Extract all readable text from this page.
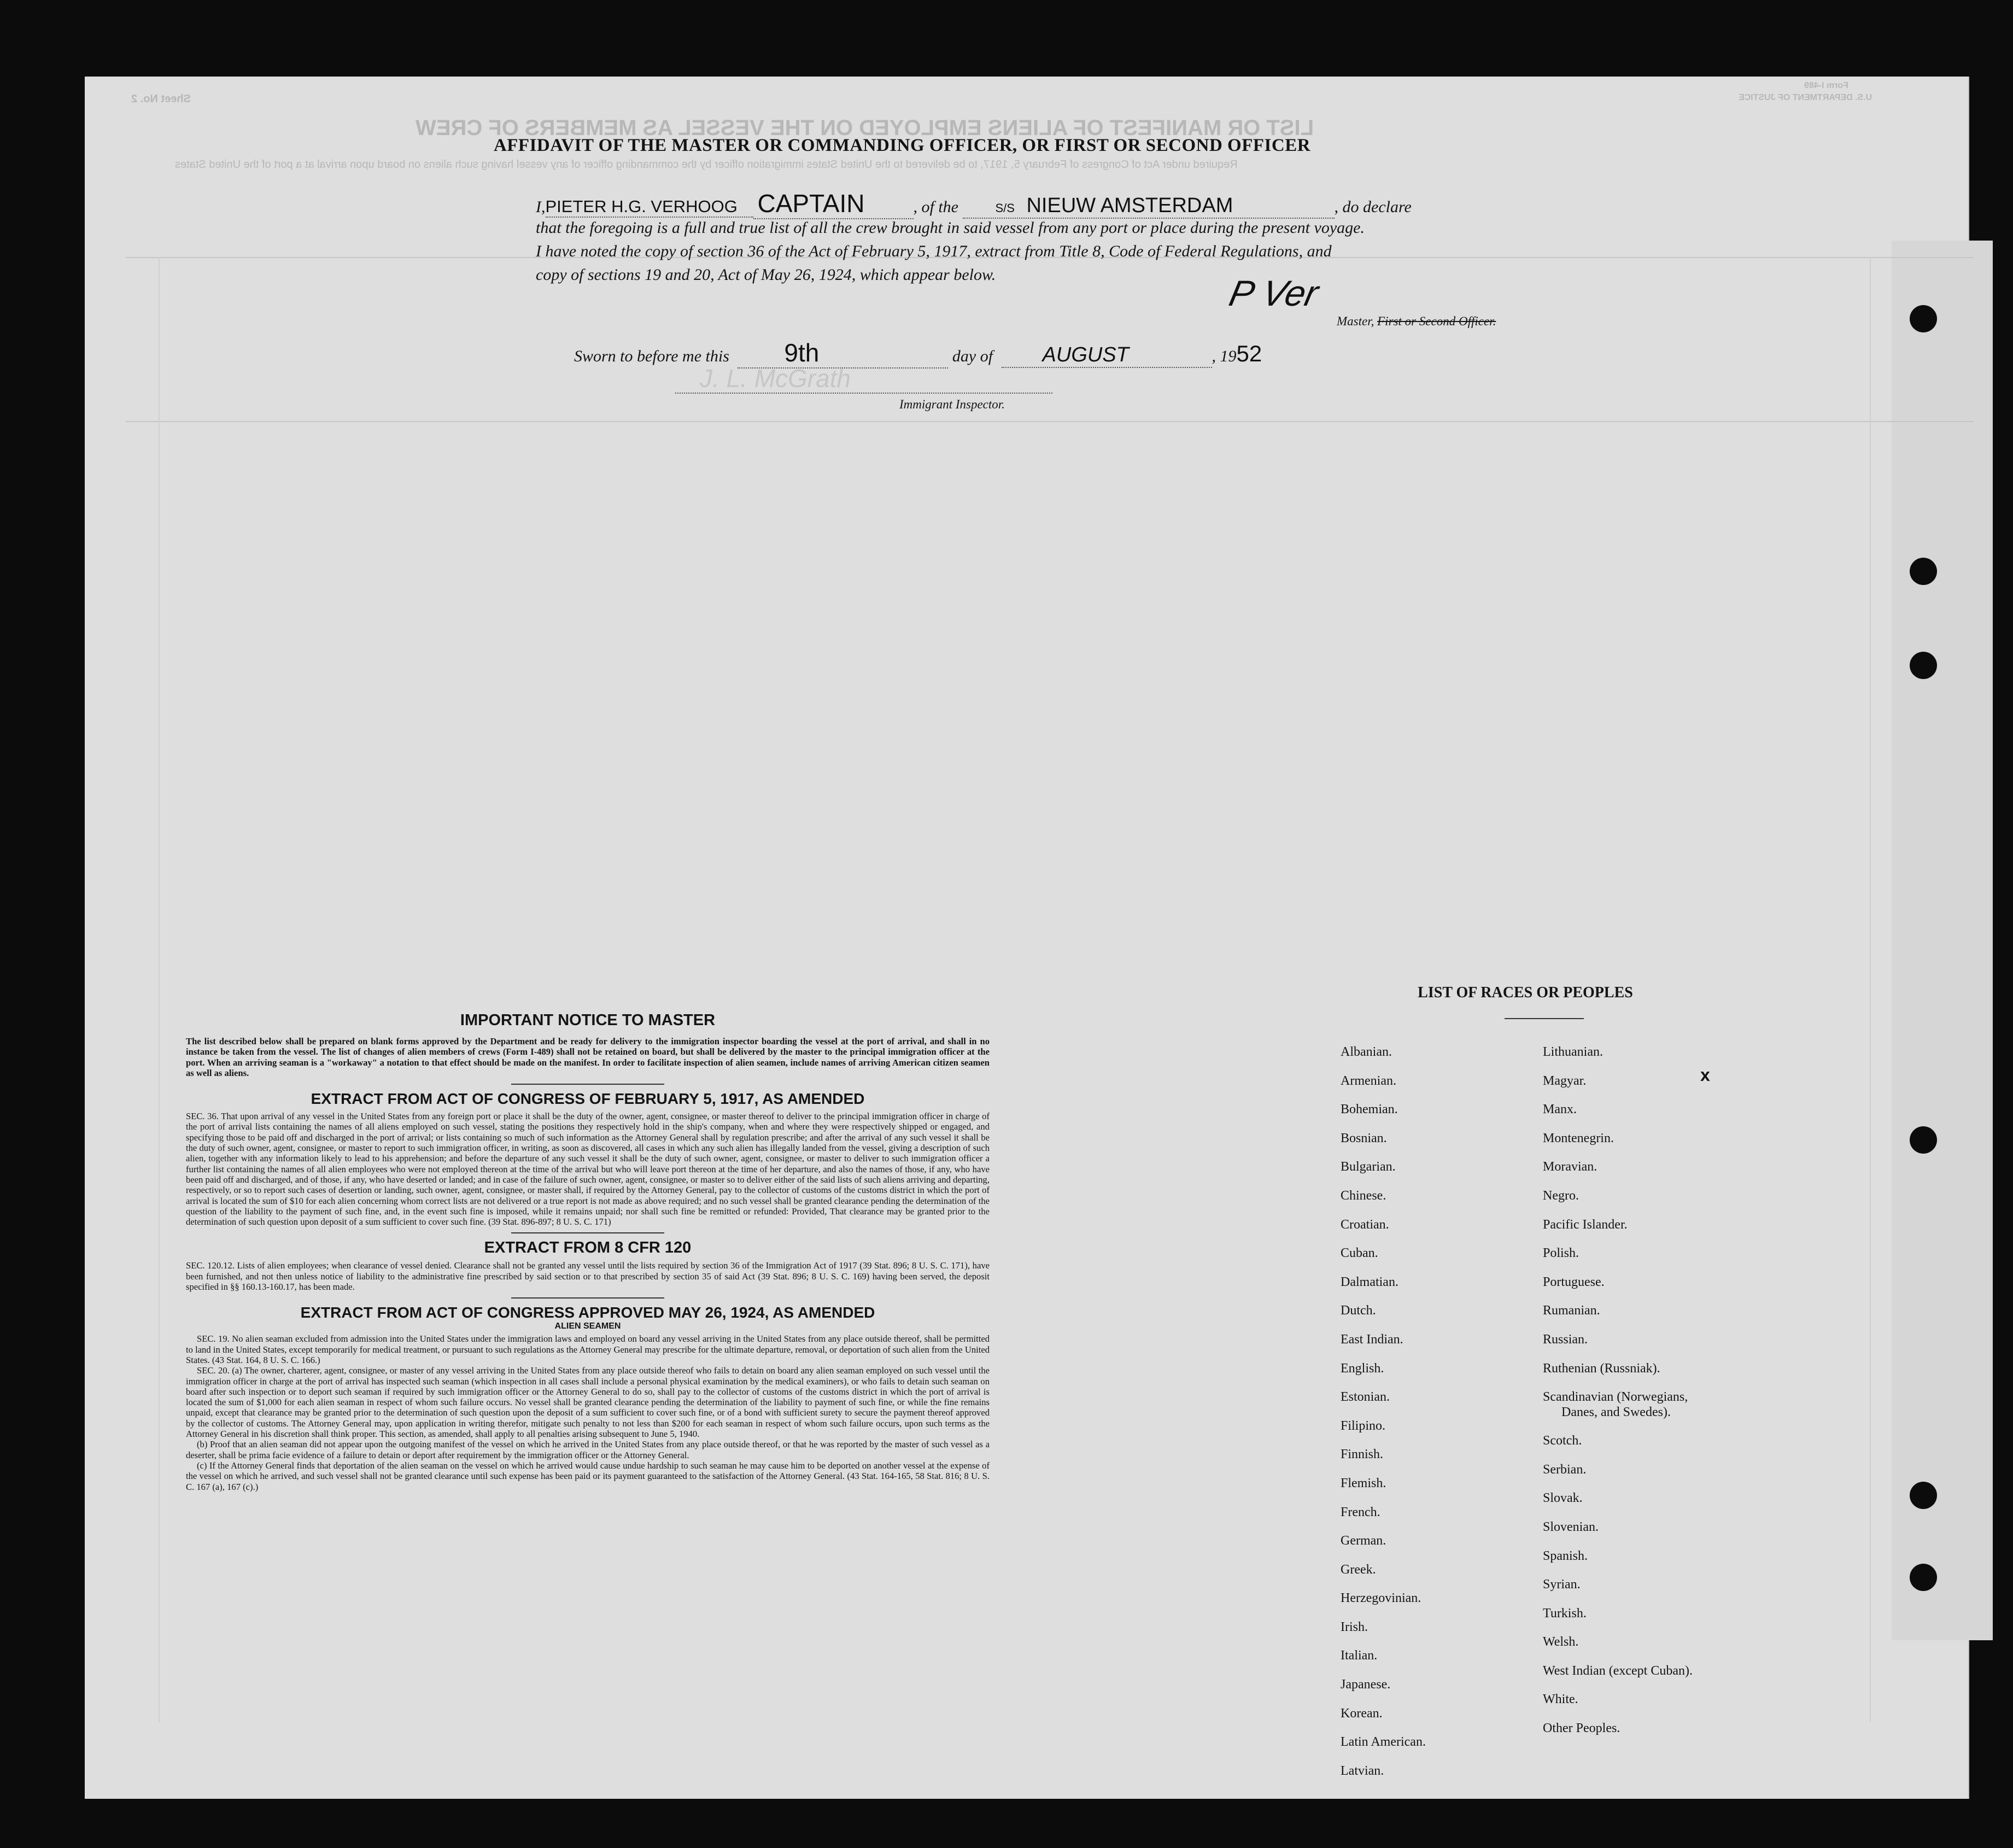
LIST OR MANIFEST OF ALIENS EMPLOYED ON THE VESSEL AS MEMBERS OF CREW
Required under Act of Congress of February 5, 1917, to be delivered to the United States immigration officer by the commanding officer of any vessel having such aliens on board upon arrival at a port of the United States
U.S. DEPARTMENT OF JUSTICE
Form I-489
Sheet No. 2
AFFIDAVIT OF THE MASTER OR COMMANDING OFFICER, OR FIRST OR SECOND OFFICER
I,PIETER H.G. VERHOOG CAPTAIN	, of the	S/S NIEUW AMSTERDAM	, do declare
that the foregoing is a full and true list of all the crew brought in said vessel from any port or place during the present voyage.
I have noted the copy of section 36 of the Act of February 5, 1917, extract from Title 8, Code of Federal Regulations, and
copy of sections 19 and 20, Act of May 26, 1924, which appear below.	P Ver
Master, First or Second Officer.
Sworn to before me this 9th	day of AUGUST	, 1952
J. L. McGrath
Immigrant Inspector.

IMPORTANT NOTICE TO MASTER

The list described below shall be prepared on blank forms approved by the Department and be ready for delivery to the immigration inspector boarding the vessel at the port of arrival, and shall in no instance be taken from the vessel. The list of changes of alien members of crews (Form I-489) shall not be retained on board, but shall be delivered by the master to the principal immigration officer at the port. When an arriving seaman is a "workaway" a notation to that effect should be made on the manifest. In order to facilitate inspection of alien seamen, include names of arriving American citizen seamen as well as aliens.

EXTRACT FROM ACT OF CONGRESS OF FEBRUARY 5, 1917, AS AMENDED

SEC. 36. That upon arrival of any vessel in the United States from any foreign port or place it shall be the duty of the owner, agent, consignee, or master thereof to deliver to the principal immigration officer in charge of the port of arrival lists containing the names of all aliens employed on such vessel, stating the positions they respectively hold in the ship's company, when and where they were respectively shipped or engaged, and specifying those to be paid off and discharged in the port of arrival; or lists containing so much of such information as the Attorney General shall by regulation prescribe; and after the arrival of any such vessel it shall be the duty of such owner, agent, consignee, or master to report to such immigration officer, in writing, as soon as discovered, all cases in which any such alien has illegally landed from the vessel, giving a description of such alien, together with any information likely to lead to his apprehension; and before the departure of any such vessel it shall be the duty of such owner, agent, consignee, or master to deliver to such immigration officer a further list containing the names of all alien employees who were not employed thereon at the time of the arrival but who will leave port thereon at the time of her departure, and also the names of those, if any, who have been paid off and discharged, and of those, if any, who have deserted or landed; and in case of the failure of such owner, agent, consignee, or master so to deliver either of the said lists of such aliens arriving and departing, respectively, or so to report such cases of desertion or landing, such owner, agent, consignee, or master shall, if required by the Attorney General, pay to the collector of customs of the customs district in which the port of arrival is located the sum of $10 for each alien concerning whom correct lists are not delivered or a true report is not made as above required; and no such vessel shall be granted clearance pending the determination of the question of the liability to the payment of such fine, and, in the event such fine is imposed, while it remains unpaid; nor shall such fine be remitted or refunded: Provided, That clearance may be granted prior to the determination of such question upon deposit of a sum sufficient to cover such fine. (39 Stat. 896-897; 8 U. S. C. 171)

EXTRACT FROM 8 CFR 120

SEC. 120.12. Lists of alien employees; when clearance of vessel denied. Clearance shall not be granted any vessel until the lists required by section 36 of the Immigration Act of 1917 (39 Stat. 896; 8 U. S. C. 171), have been furnished, and not then unless notice of liability to the administrative fine prescribed by said section or to that prescribed by section 35 of said Act (39 Stat. 896; 8 U. S. C. 169) having been served, the deposit specified in §§ 160.13-160.17, has been made.

EXTRACT FROM ACT OF CONGRESS APPROVED MAY 26, 1924, AS AMENDED

ALIEN SEAMEN

SEC. 19. No alien seaman excluded from admission into the United States under the immigration laws and employed on board any vessel arriving in the United States from any place outside thereof, shall be permitted to land in the United States, except temporarily for medical treatment, or pursuant to such regulations as the Attorney General may prescribe for the ultimate departure, removal, or deportation of such alien from the United States. (43 Stat. 164, 8 U. S. C. 166.)

SEC. 20. (a) The owner, charterer, agent, consignee, or master of any vessel arriving in the United States from any place outside thereof who fails to detain on board any alien seaman employed on such vessel until the immigration officer in charge at the port of arrival has inspected such seaman (which inspection in all cases shall include a personal physical examination by the medical examiners), or who fails to detain such seaman on board after such inspection or to deport such seaman if required by such immigration officer or the Attorney General to do so, shall pay to the collector of customs of the customs district in which the port of arrival is located the sum of $1,000 for each alien seaman in respect of whom such failure occurs. No vessel shall be granted clearance pending the determination of the liability to payment of such fine, or while the fine remains unpaid, except that clearance may be granted prior to the determination of such question upon the deposit of a sum sufficient to cover such fine, or of a bond with sufficient surety to secure the payment thereof approved by the collector of customs. The Attorney General may, upon application in writing therefor, mitigate such penalty to not less than $200 for each seaman in respect of whom such failure occurs, upon such terms as the Attorney General in his discretion shall think proper. This section, as amended, shall apply to all penalties arising subsequent to June 5, 1940.

(b) Proof that an alien seaman did not appear upon the outgoing manifest of the vessel on which he arrived in the United States from any place outside thereof, or that he was reported by the master of such vessel as a deserter, shall be prima facie evidence of a failure to detain or deport after requirement by the immigration officer or the Attorney General.

(c) If the Attorney General finds that deportation of the alien seaman on the vessel on which he arrived would cause undue hardship to such seaman he may cause him to be deported on another vessel at the expense of the vessel on which he arrived, and such vessel shall not be granted clearance until such expense has been paid or its payment guaranteed to the satisfaction of the Attorney General. (43 Stat. 164-165, 58 Stat. 816; 8 U. S. C. 167 (a), 167 (c).)

LIST OF RACES OR PEOPLES
Albanian.
Armenian.
Bohemian.
Bosnian.
Bulgarian.
Chinese.
Croatian.
Cuban.
Dalmatian.
Dutch.
East Indian.
English.
Estonian.
Filipino.
Finnish.
Flemish.
French.
German.
Greek.
Herzegovinian.
Irish.
Italian.
Japanese.
Korean.
Latin American.
Latvian.
Lithuanian.
Magyar.
Manx.
Montenegrin.
Moravian.
Negro.
Pacific Islander.
Polish.
Portuguese.
Rumanian.
Russian.
Ruthenian (Russniak).
Scandinavian (Norwegians,
Danes, and Swedes).
Scotch.
Serbian.
Slovak.
Slovenian.
Spanish.
Syrian.
Turkish.
Welsh.
West Indian (except Cuban).
White.
Other Peoples.
x
